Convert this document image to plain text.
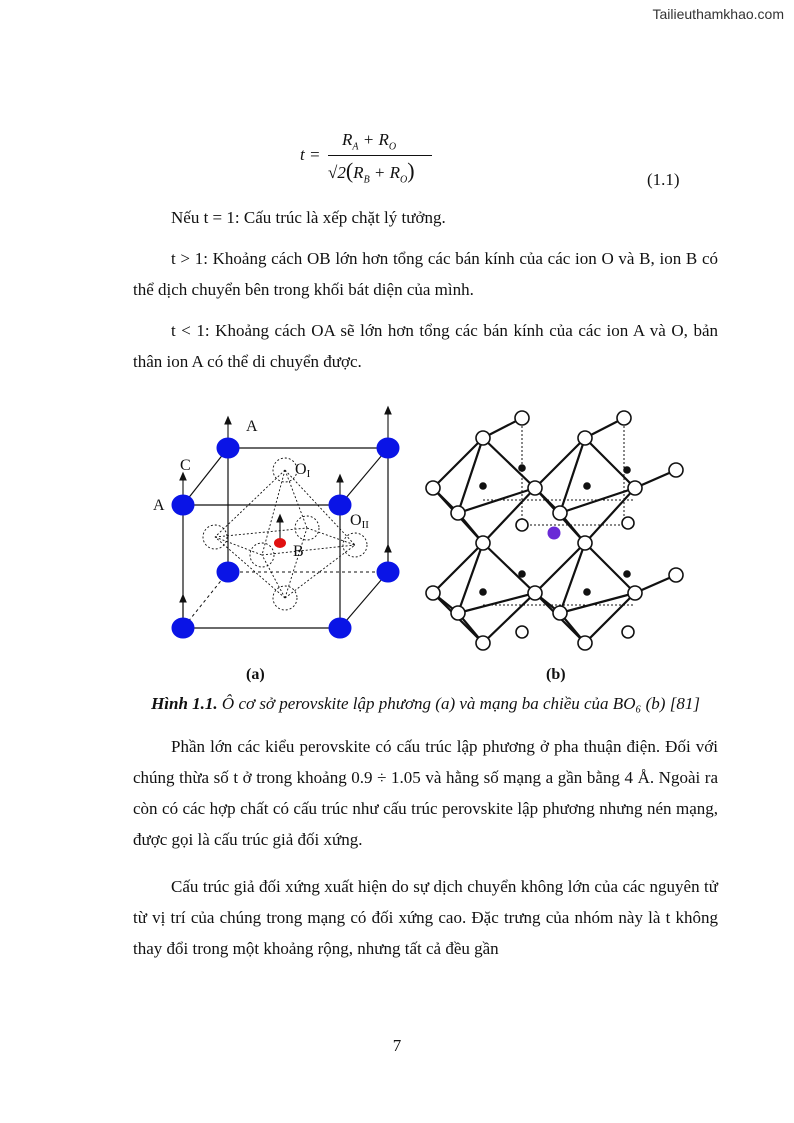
Tailieuthamkhao.com
t =
$R_A + R_O$
$√2(R_B + R_O)$	(1.1)

Nếu t = 1: Cấu trúc là xếp chặt lý tưởng.

t > 1: Khoảng cách OB lớn hơn tổng các bán kính của các ion O và B, ion B có thể dịch chuyển bên trong khối bát diện của mình.

t < 1: Khoảng cách OA sẽ lớn hơn tổng các bán kính của các ion A và O, bản thân ion A có thể di chuyển được.

A
C
A
OI
OII
B
(a)	(b)
Hình 1.1. Ô cơ sở perovskite lập phương (a) và mạng ba chiều của BO₆ (b) [81]

Phần lớn các kiểu perovskite có cấu trúc lập phương ở pha thuận điện. Đối với chúng thừa số t ở trong khoảng 0.9 ÷ 1.05 và hằng số mạng a gần bằng 4 Å. Ngoài ra còn có các hợp chất có cấu trúc như cấu trúc perovskite lập phương nhưng nén mạng, được gọi là cấu trúc giả đối xứng.

Cấu trúc giả đối xứng xuất hiện do sự dịch chuyển không lớn của các nguyên tử từ vị trí của chúng trong mạng có đối xứng cao. Đặc trưng của nhóm này là t không thay đổi trong một khoảng rộng, nhưng tất cả đều gần

7
